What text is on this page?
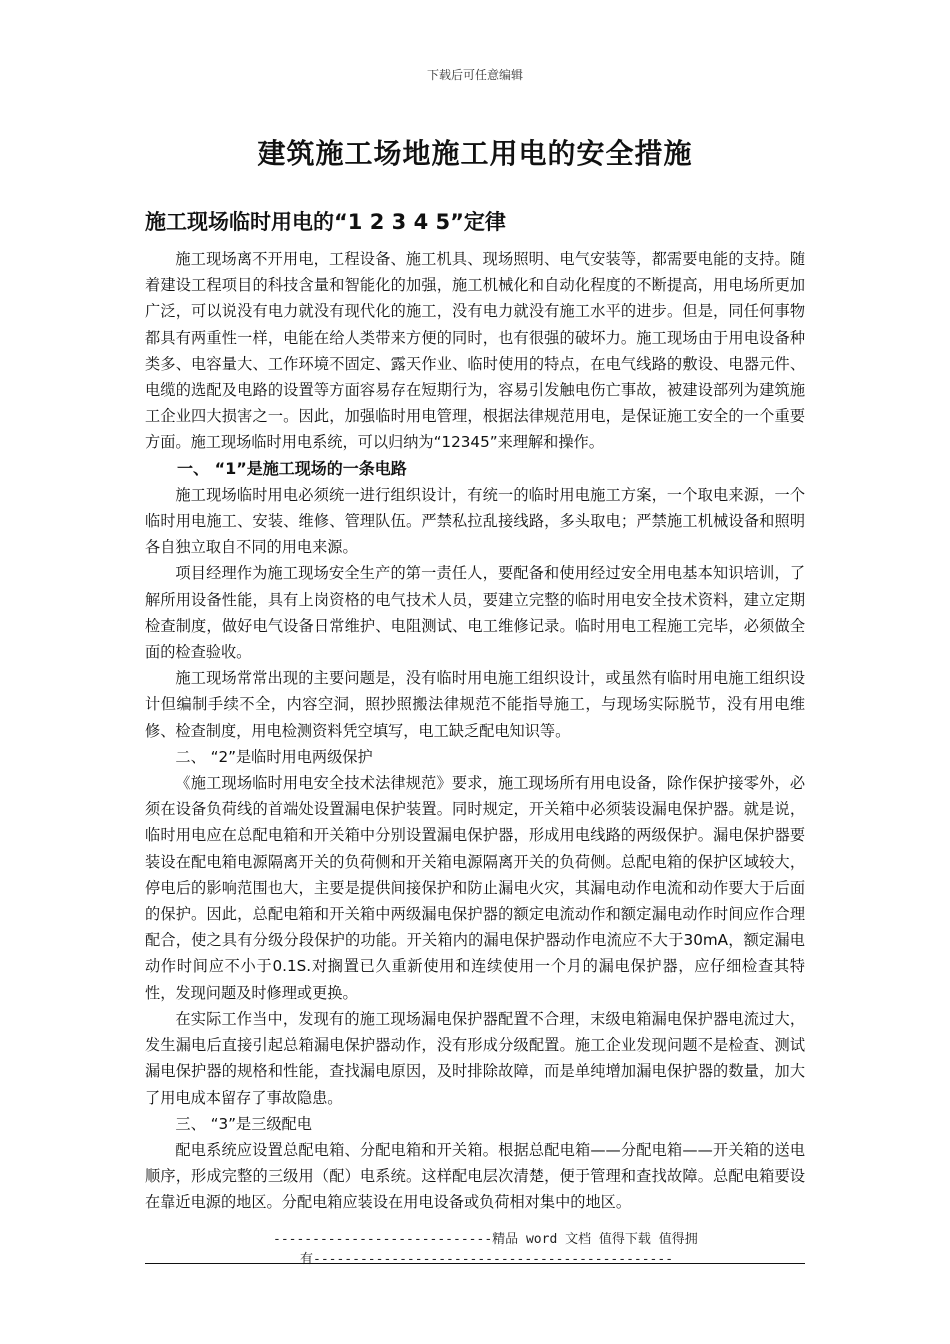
下载后可任意编辑
建筑施工场地施工用电的安全措施
施工现场临时用电的“1 2 3 4 5”定律

施工现场离不开用电，工程设备、施工机具、现场照明、电气安装等，都需要电能的支持。随着建设工程项目的科技含量和智能化的加强，施工机械化和自动化程度的不断提高，用电场所更加广泛，可以说没有电力就没有现代化的施工，没有电力就没有施工水平的进步。但是，同任何事物都具有两重性一样，电能在给人类带来方便的同时，也有很强的破坏力。施工现场由于用电设备种类多、电容量大、工作环境不固定、露天作业、临时使用的特点，在电气线路的敷设、电器元件、电缆的选配及电路的设置等方面容易存在短期行为，容易引发触电伤亡事故，被建设部列为建筑施工企业四大损害之一。因此，加强临时用电管理，根据法律规范用电，是保证施工安全的一个重要方面。施工现场临时用电系统，可以归纳为“12345”来理解和操作。

一、 “1”是施工现场的一条电路

施工现场临时用电必须统一进行组织设计，有统一的临时用电施工方案，一个取电来源，一个临时用电施工、安装、维修、管理队伍。严禁私拉乱接线路，多头取电；严禁施工机械设备和照明各自独立取自不同的用电来源。

项目经理作为施工现场安全生产的第一责任人，要配备和使用经过安全用电基本知识培训，了解所用设备性能，具有上岗资格的电气技术人员，要建立完整的临时用电安全技术资料，建立定期检查制度，做好电气设备日常维护、电阻测试、电工维修记录。临时用电工程施工完毕，必须做全面的检查验收。

施工现场常常出现的主要问题是，没有临时用电施工组织设计，或虽然有临时用电施工组织设计但编制手续不全，内容空洞，照抄照搬法律规范不能指导施工，与现场实际脱节，没有用电维修、检查制度，用电检测资料凭空填写，电工缺乏配电知识等。

二、 “2”是临时用电两级保护

《施工现场临时用电安全技术法律规范》要求，施工现场所有用电设备，除作保护接零外，必须在设备负荷线的首端处设置漏电保护装置。同时规定，开关箱中必须装设漏电保护器。就是说，临时用电应在总配电箱和开关箱中分别设置漏电保护器，形成用电线路的两级保护。漏电保护器要装设在配电箱电源隔离开关的负荷侧和开关箱电源隔离开关的负荷侧。总配电箱的保护区域较大，停电后的影响范围也大，主要是提供间接保护和防止漏电火灾，其漏电动作电流和动作要大于后面的保护。因此，总配电箱和开关箱中两级漏电保护器的额定电流动作和额定漏电动作时间应作合理配合，使之具有分级分段保护的功能。开关箱内的漏电保护器动作电流应不大于30mA，额定漏电动作时间应不小于0.1S.对搁置已久重新使用和连续使用一个月的漏电保护器，应仔细检查其特性，发现问题及时修理或更换。

在实际工作当中，发现有的施工现场漏电保护器配置不合理，末级电箱漏电保护器电流过大，发生漏电后直接引起总箱漏电保护器动作，没有形成分级配置。施工企业发现问题不是检查、测试漏电保护器的规格和性能，查找漏电原因，及时排除故障，而是单纯增加漏电保护器的数量，加大了用电成本留存了事故隐患。

三、 “3”是三级配电

配电系统应设置总配电箱、分配电箱和开关箱。根据总配电箱——分配电箱——开关箱的送电顺序，形成完整的三级用（配）电系统。这样配电层次清楚，便于管理和查找故障。总配电箱要设在靠近电源的地区。分配电箱应装设在用电设备或负荷相对集中的地区。

----------------------------精品 word 文档 值得下载 值得拥
有----------------------------------------------
